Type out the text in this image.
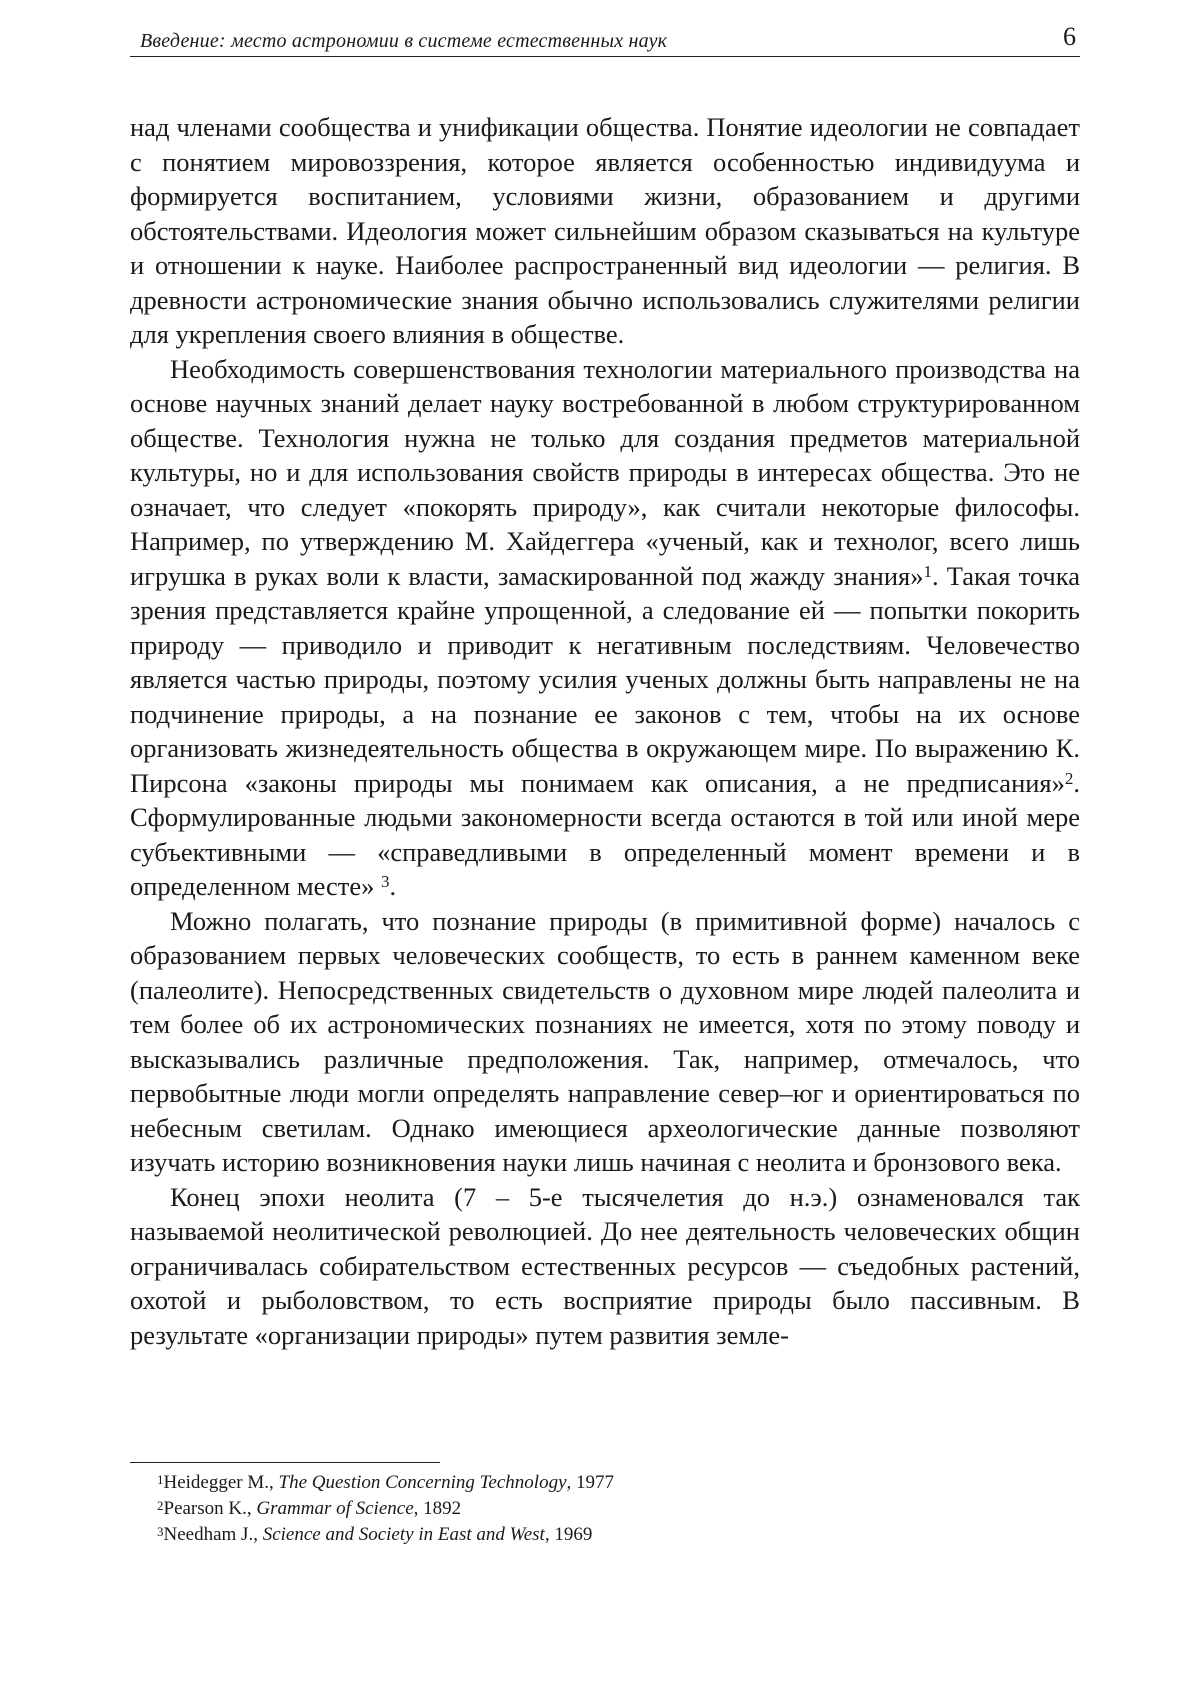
Введение: место астрономии в системе естественных наук	6

над членами сообщества и унификации общества. Понятие идеологии не совпадает с понятием мировоззрения, которое является особенностью индивидуума и формируется воспитанием, условиями жизни, образованием и другими обстоятельствами. Идеология может сильнейшим образом сказываться на культуре и отношении к науке. Наиболее распространенный вид идеологии — религия. В древности астрономические знания обычно использовались служителями религии для укрепления своего влияния в обществе.

Необходимость совершенствования технологии материального производства на основе научных знаний делает науку востребованной в любом структурированном обществе. Технология нужна не только для создания предметов материальной культуры, но и для использования свойств природы в интересах общества. Это не означает, что следует «покорять природу», как считали некоторые философы. Например, по утверждению М. Хайдеггера «ученый, как и технолог, всего лишь игрушка в руках воли к власти, замаскированной под жажду знания»$^1$. Такая точка зрения представляется крайне упрощенной, а следование ей — попытки покорить природу — приводило и приводит к негативным последствиям. Человечество является частью природы, поэтому усилия ученых должны быть направлены не на подчинение природы, а на познание ее законов с тем, чтобы на их основе организовать жизнедеятельность общества в окружающем мире. По выражению К. Пирсона «законы природы мы понимаем как описания, а не предписания»$^2$. Сформулированные людьми закономерности всегда остаются в той или иной мере субъективными — «справедливыми в определенный момент времени и в определенном месте» $^3$.

Можно полагать, что познание природы (в примитивной форме) началось с образованием первых человеческих сообществ, то есть в раннем каменном веке (палеолите). Непосредственных свидетельств о духовном мире людей палеолита и тем более об их астрономических познаниях не имеется, хотя по этому поводу и высказывались различные предположения. Так, например, отмечалось, что первобытные люди могли определять направление север–юг и ориентироваться по небесным светилам. Однако имеющиеся археологические данные позволяют изучать историю возникновения науки лишь начиная с неолита и бронзового века.

Конец эпохи неолита (7 – 5-е тысячелетия до н.э.) ознаменовался так называемой неолитической революцией. До нее деятельность человеческих общин ограничивалась собирательством естественных ресурсов — съедобных растений, охотой и рыболовством, то есть восприятие природы было пассивным. В результате «организации природы» путем развития земле-

$^1$Heidegger M., The Question Concerning Technology, 1977
$^2$Pearson K., Grammar of Science, 1892
$^3$Needham J., Science and Society in East and West, 1969
